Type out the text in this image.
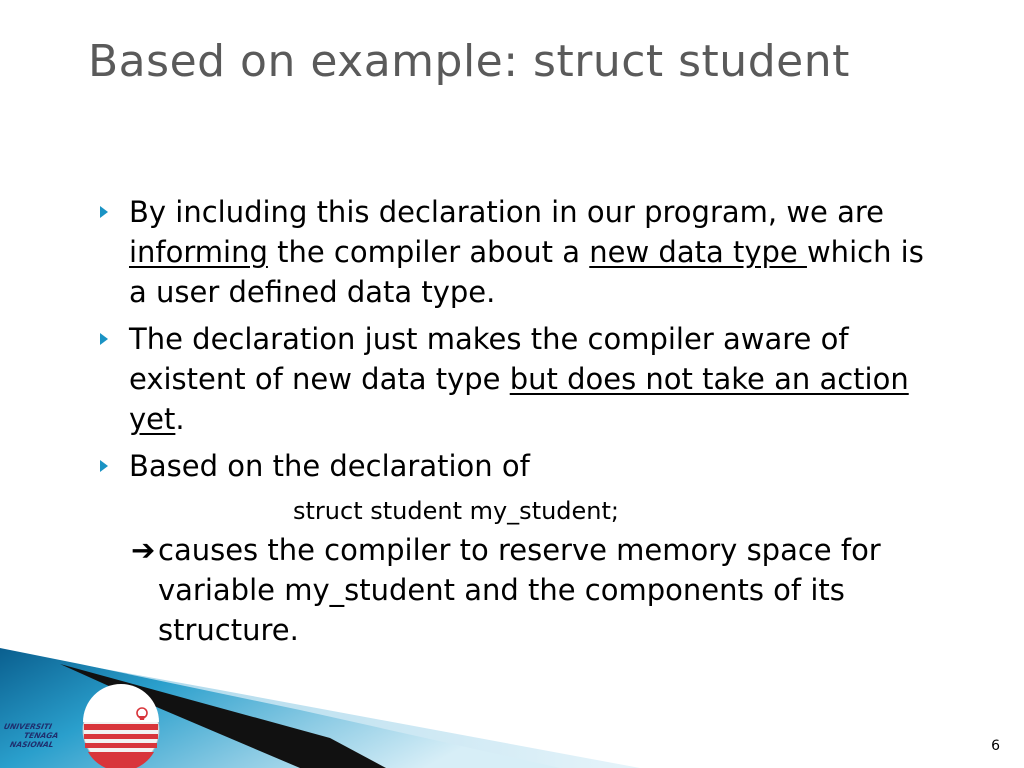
Based on example: struct student
By including this declaration in our program, we are informing the compiler about a new data type which is a user defined data type.
The declaration just makes the compiler aware of existent of new data type but does not take an action yet.
Based on the declaration of
struct student my_student;
➔ causes the compiler to reserve memory space for variable my_student and the components of its structure.
UNIVERSITI
TENAGA
NASIONAL	6
